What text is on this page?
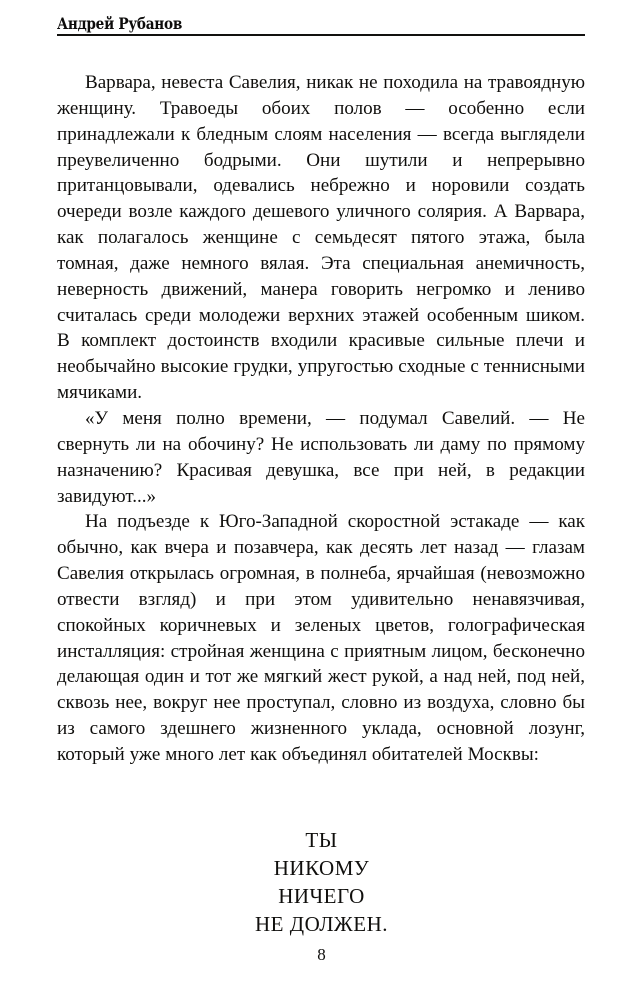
Андрей Рубанов

Варвара, невеста Савелия, никак не походила на травоядную женщину. Травоеды обоих полов — особенно если принадлежали к бледным слоям населения — всегда выглядели преувеличенно бодрыми. Они шутили и непрерывно пританцовывали, одевались небрежно и норовили создать очереди возле каждого дешевого уличного солярия. А Варвара, как полагалось женщине с семьдесят пятого этажа, была томная, даже немного вялая. Эта специальная анемичность, неверность движений, манера говорить негромко и лениво считалась среди молодежи верхних этажей особенным шиком. В комплект достоинств входили красивые сильные плечи и необычайно высокие грудки, упругостью сходные с теннисными мячиками.

«У меня полно времени, — подумал Савелий. — Не свернуть ли на обочину? Не использовать ли даму по прямому назначению? Красивая девушка, все при ней, в редакции завидуют...»

На подъезде к Юго-Западной скоростной эстакаде — как обычно, как вчера и позавчера, как десять лет назад — глазам Савелия открылась огромная, в полнеба, ярчайшая (невозможно отвести взгляд) и при этом удивительно ненавязчивая, спокойных коричневых и зеленых цветов, голографическая инсталляция: стройная женщина с приятным лицом, бесконечно делающая один и тот же мягкий жест рукой, а над ней, под ней, сквозь нее, вокруг нее проступал, словно из воздуха, словно бы из самого здешнего жизненного уклада, основной лозунг, который уже много лет как объединял обитателей Москвы:

ТЫ
НИКОМУ
НИЧЕГО
НЕ ДОЛЖЕН.
8
